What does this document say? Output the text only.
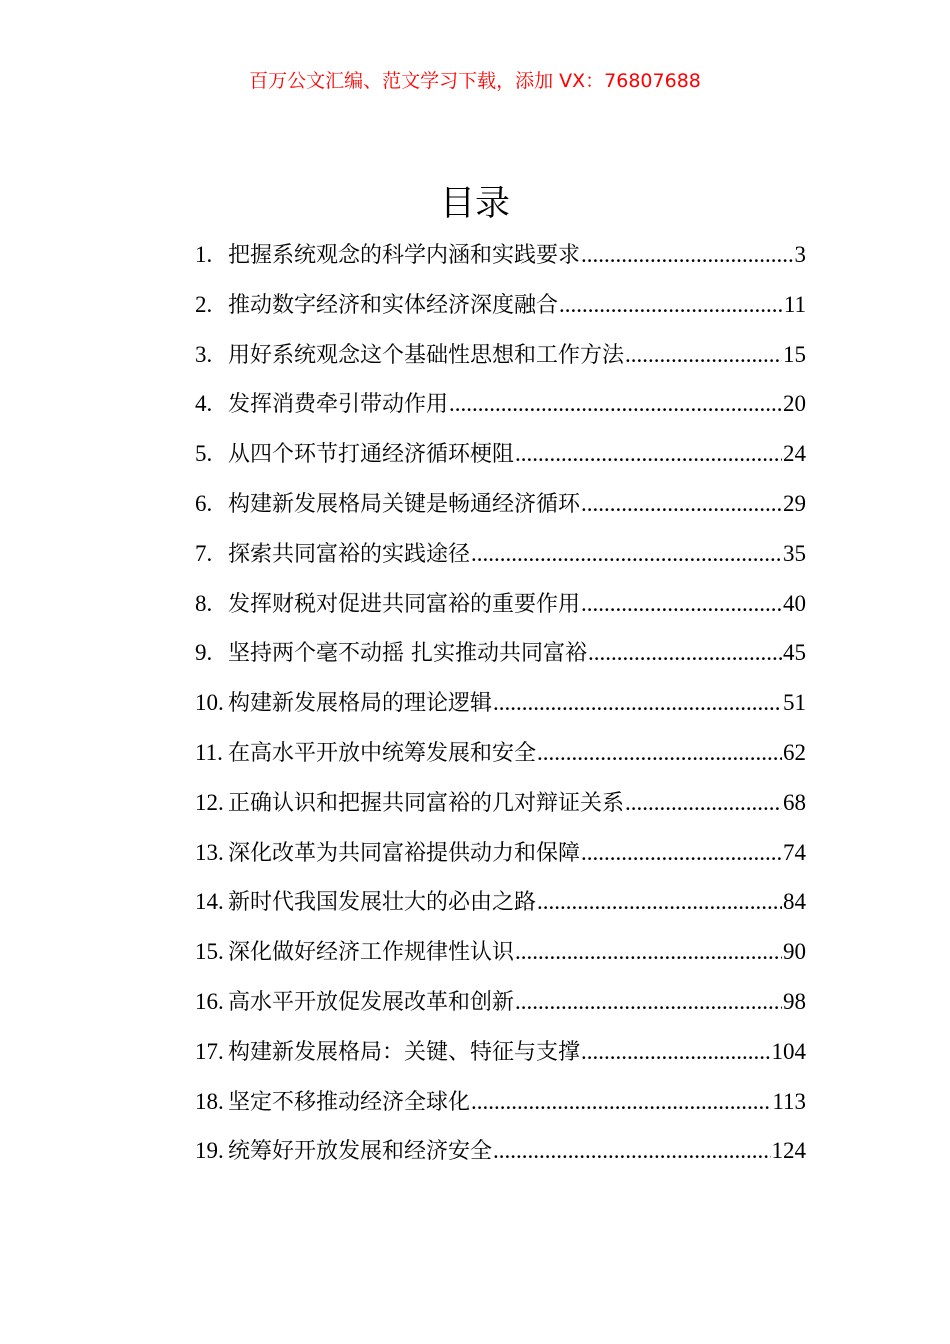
百万公文汇编、范文学习下载，添加 VX：76807688
目录
1. 把握系统观念的科学内涵和实践要求 .....	3
2. 推动数字经济和实体经济深度融合 .....	11
3. 用好系统观念这个基础性思想和工作方法 .....	15
4. 发挥消费牵引带动作用 .....	20
5. 从四个环节打通经济循环梗阻 .....	24
6. 构建新发展格局关键是畅通经济循环 .....	29
7. 探索共同富裕的实践途径 .....	35
8. 发挥财税对促进共同富裕的重要作用 .....	40
9. 坚持两个毫不动摇 扎实推动共同富裕 .....	45
10. 构建新发展格局的理论逻辑 .....	51
11. 在高水平开放中统筹发展和安全 .....	62
12. 正确认识和把握共同富裕的几对辩证关系 .....	68
13. 深化改革为共同富裕提供动力和保障 .....	74
14. 新时代我国发展壮大的必由之路 .....	84
15. 深化做好经济工作规律性认识 .....	90
16. 高水平开放促发展改革和创新 .....	98
17. 构建新发展格局：关键、特征与支撑 .....	104
18. 坚定不移推动经济全球化 .....	113
19. 统筹好开放发展和经济安全 .....	124
